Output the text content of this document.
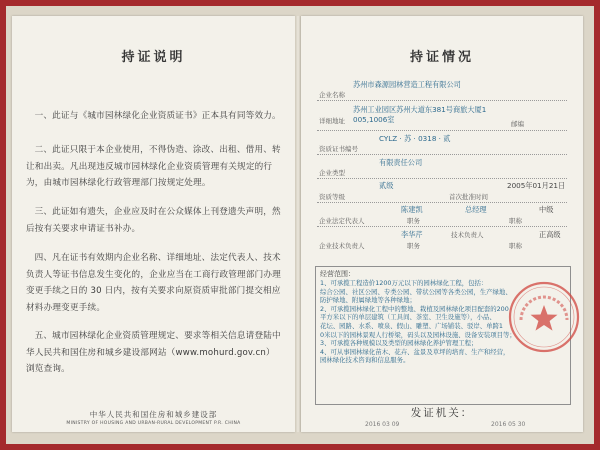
持证说明
一、此证与《城市园林绿化企业资质证书》正本具有同等效力。
二、此证只限于本企业使用，不得伪造、涂改、出租、借用、转让和出卖。凡出现违反城市园林绿化企业资质管理有关规定的行为，由城市园林绿化行政管理部门按规定处理。
三、此证如有遗失，企业应及时在公众媒体上刊登遗失声明，然后按有关要求申请证书补办。
四、凡在证书有效期内企业名称、详细地址、法定代表人、技术负责人等证书信息发生变化的，企业应当在工商行政管理部门办理变更手续之日的 30 日内，按有关要求向原资质审批部门提交相应材料办理变更手续。
五、城市园林绿化企业资质管理规定、要求等相关信息请登陆中华人民共和国住房和城乡建设部网站（www.mohurd.gov.cn）浏览查询。
中华人民共和国住房和城乡建设部
MINISTRY OF HOUSING AND URBAN-RURAL DEVELOPMENT P.R. CHINA
持证情况
企业名称
苏州市森源园林营造工程有限公司
详细地址
苏州工业园区苏州大道东381号商旅大厦1
005,1006室	邮编
CYLZ · 苏 · 0318 · 贰
资质证书编号
有限责任公司
企业类型
贰级	2005年01月21日
资质等级	首次批准时间
陈建凯	总经理	中级
企业法定代表人	职务	职称
李华芹	技术负责人	正高级
企业技术负责人	职务	职称
经营范围：

1、可承揽工程造价1200万元以下的园林绿化工程，包括：

综合公园、社区公园、专类公园、带状公园等各类公园，生产绿地、

防护绿地、附属绿地等各种绿地；

2、可承揽园林绿化工程中的整地、栽植及园林绿化项目配套的200

平方米以下的单层建筑（工具间、茶室、卫生设施等），小品、

花坛、园路、水系、喷泉、假山、雕塑、广场铺装、驳岸、单跨1

0米以下的园林景观人行桥梁，码头以及园林设施、设备安装项目等；

3、可承揽各种规模以及类型的园林绿化养护管理工程；

4、可从事园林绿化苗木、花卉、盆景及草坪的培育、生产和经营，

园林绿化技术咨询和信息服务。

发证机关：
2016 03 09	2016 05 30
